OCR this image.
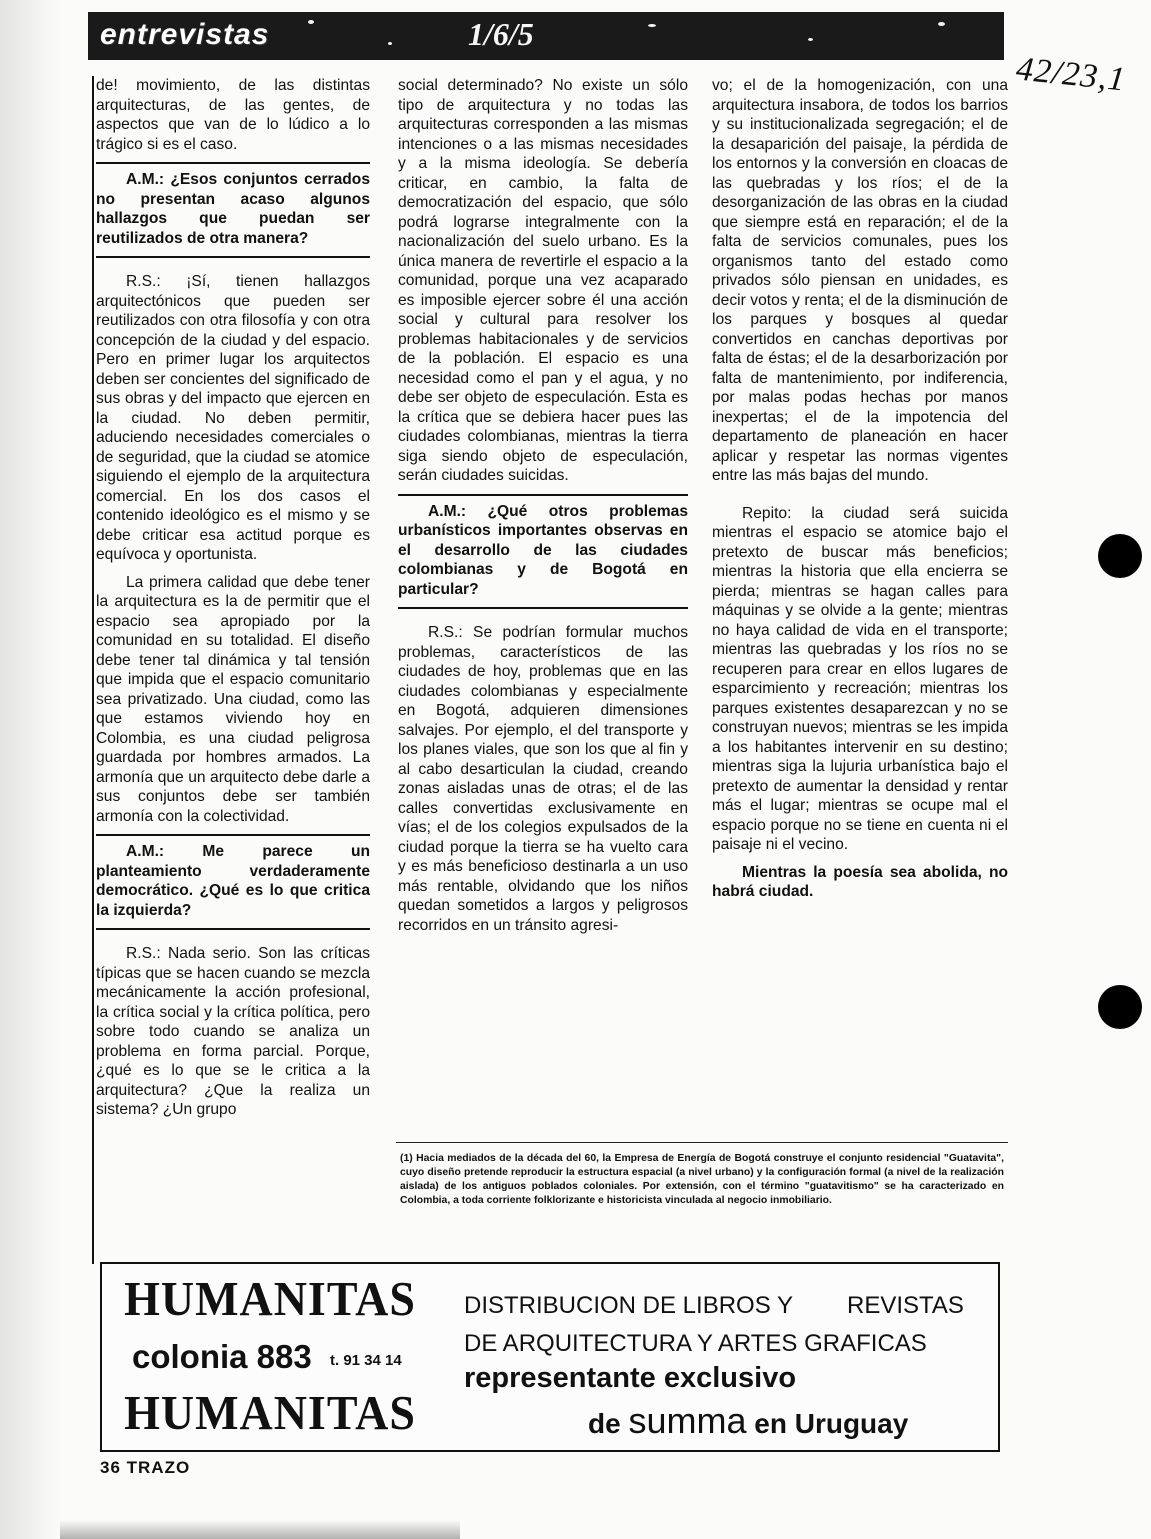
entrevistas	1/6/5
42/23,1

de! movimiento, de las distintas arquitecturas, de las gentes, de aspectos que van de lo lúdico a lo trágico si es el caso.

A.M.: ¿Esos conjuntos cerrados no presentan acaso algunos hallazgos que puedan ser reutilizados de otra manera?

R.S.: ¡Sí, tienen hallazgos arquitectónicos que pueden ser reutilizados con otra filosofía y con otra concepción de la ciudad y del espacio. Pero en primer lugar los arquitectos deben ser concientes del significado de sus obras y del impacto que ejercen en la ciudad. No deben permitir, aduciendo necesidades comerciales o de seguridad, que la ciudad se atomice siguiendo el ejemplo de la arquitectura comercial. En los dos casos el contenido ideológico es el mismo y se debe criticar esa actitud porque es equívoca y oportunista.

La primera calidad que debe tener la arquitectura es la de permitir que el espacio sea apropiado por la comunidad en su totalidad. El diseño debe tener tal dinámica y tal tensión que impida que el espacio comunitario sea privatizado. Una ciudad, como las que estamos viviendo hoy en Colombia, es una ciudad peligrosa guardada por hombres armados. La armonía que un arquitecto debe darle a sus conjuntos debe ser también armonía con la colectividad.

A.M.: Me parece un planteamiento verdaderamente democrático. ¿Qué es lo que critica la izquierda?

R.S.: Nada serio. Son las críticas típicas que se hacen cuando se mezcla mecánicamente la acción profesional, la crítica social y la crítica política, pero sobre todo cuando se analiza un problema en forma parcial. Porque, ¿qué es lo que se le critica a la arquitectura? ¿Que la realiza un sistema? ¿Un grupo

social determinado? No existe un sólo tipo de arquitectura y no todas las arquitecturas corresponden a las mismas intenciones o a las mismas necesidades y a la misma ideología. Se debería criticar, en cambio, la falta de democratización del espacio, que sólo podrá lograrse integralmente con la nacionalización del suelo urbano. Es la única manera de revertirle el espacio a la comunidad, porque una vez acaparado es imposible ejercer sobre él una acción social y cultural para resolver los problemas habitacionales y de servicios de la población. El espacio es una necesidad como el pan y el agua, y no debe ser objeto de especulación. Esta es la crítica que se debiera hacer pues las ciudades colombianas, mientras la tierra siga siendo objeto de especulación, serán ciudades suicidas.

A.M.: ¿Qué otros problemas urbanísticos importantes observas en el desarrollo de las ciudades colombianas y de Bogotá en particular?

R.S.: Se podrían formular muchos problemas, característicos de las ciudades de hoy, problemas que en las ciudades colombianas y especialmente en Bogotá, adquieren dimensiones salvajes. Por ejemplo, el del transporte y los planes viales, que son los que al fin y al cabo desarticulan la ciudad, creando zonas aisladas unas de otras; el de las calles convertidas exclusivamente en vías; el de los colegios expulsados de la ciudad porque la tierra se ha vuelto cara y es más beneficioso destinarla a un uso más rentable, olvidando que los niños quedan sometidos a largos y peligrosos recorridos en un tránsito agresi-

vo; el de la homogenización, con una arquitectura insabora, de todos los barrios y su institucionalizada segregación; el de la desaparición del paisaje, la pérdida de los entornos y la conversión en cloacas de las quebradas y los ríos; el de la desorganización de las obras en la ciudad que siempre está en reparación; el de la falta de servicios comunales, pues los organismos tanto del estado como privados sólo piensan en unidades, es decir votos y renta; el de la disminución de los parques y bosques al quedar convertidos en canchas deportivas por falta de éstas; el de la desarborización por falta de mantenimiento, por indiferencia, por malas podas hechas por manos inexpertas; el de la impotencia del departamento de planeación en hacer aplicar y respetar las normas vigentes entre las más bajas del mundo.

Repito: la ciudad será suicida mientras el espacio se atomice bajo el pretexto de buscar más beneficios; mientras la historia que ella encierra se pierda; mientras se hagan calles para máquinas y se olvide a la gente; mientras no haya calidad de vida en el transporte; mientras las quebradas y los ríos no se recuperen para crear en ellos lugares de esparcimiento y recreación; mientras los parques existentes desaparezcan y no se construyan nuevos; mientras se les impida a los habitantes intervenir en su destino; mientras siga la lujuria urbanística bajo el pretexto de aumentar la densidad y rentar más el lugar; mientras se ocupe mal el espacio porque no se tiene en cuenta ni el paisaje ni el vecino.

Mientras la poesía sea abolida, no habrá ciudad.

(1) Hacia mediados de la década del 60, la Empresa de Energía de Bogotá construye el conjunto residencial "Guatavita", cuyo diseño pretende reproducir la estructura espacial (a nivel urbano) y la configuración formal (a nivel de la realización aislada) de los antiguos poblados coloniales. Por extensión, con el término "guatavitismo" se ha caracterizado en Colombia, a toda corriente folklorizante e historicista vinculada al negocio inmobiliario.
HUMANITAS
colonia 883 t. 91 34 14
HUMANITAS
DISTRIBUCION DE LIBROS Y REVISTAS
DE ARQUITECTURA Y ARTES GRAFICAS
representante exclusivo
de summa en Uruguay
36 TRAZO
